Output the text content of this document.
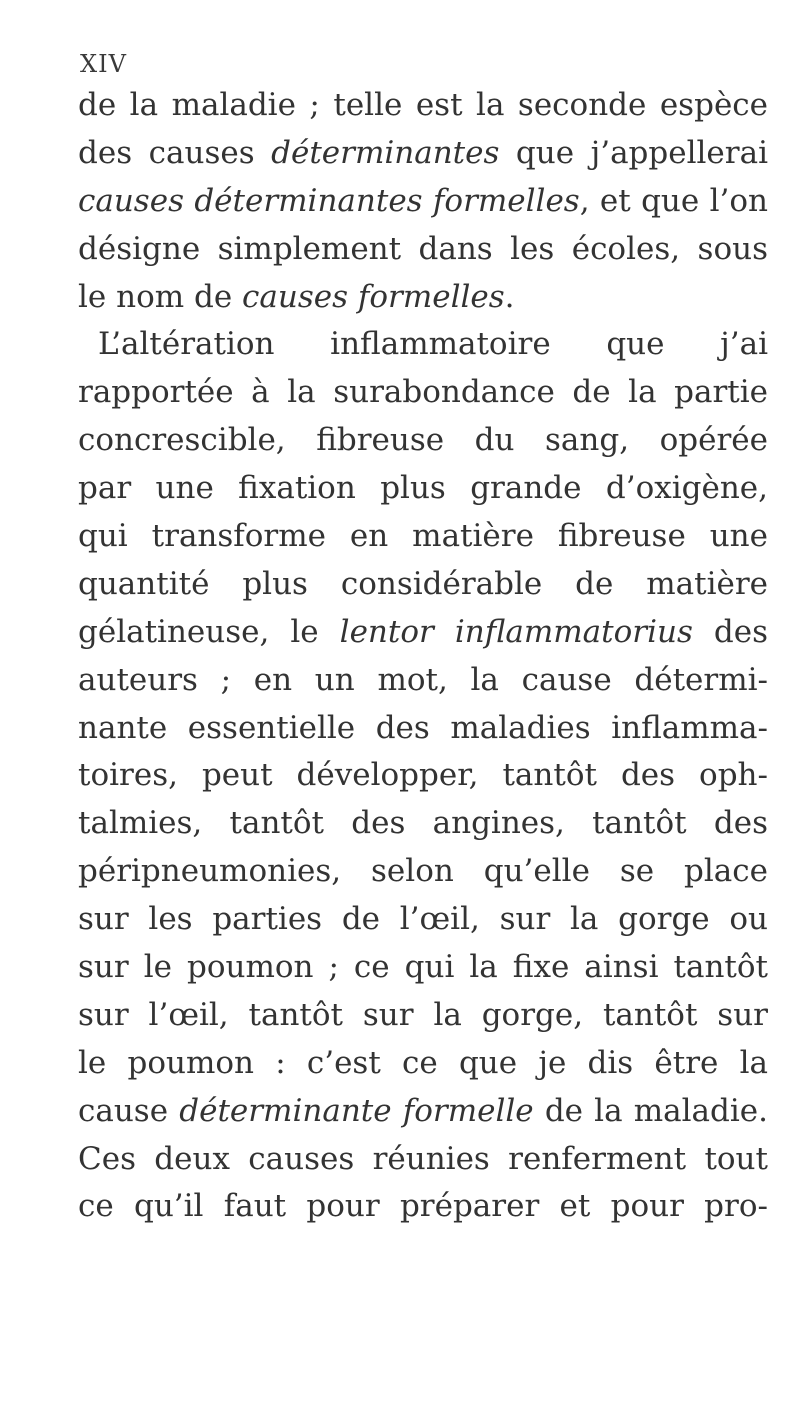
XIV
de la maladie ; telle est la seconde espèce
des causes déterminantes que j’appellerai
causes déterminantes formelles, et que l’on
désigne simplement dans les écoles, sous
le nom de causes formelles.
L’altération inflammatoire que j’ai
rapportée à la surabondance de la partie
concrescible, fibreuse du sang, opérée
par une fixation plus grande d’oxigène,
qui transforme en matière fibreuse une
quantité plus considérable de matière
gélatineuse, le lentor inflammatorius des
auteurs ; en un mot, la cause détermi-
nante essentielle des maladies inflamma-
toires, peut développer, tantôt des oph-
talmies, tantôt des angines, tantôt des
péripneumonies, selon qu’elle se place
sur les parties de l’œil, sur la gorge ou
sur le poumon ; ce qui la fixe ainsi tantôt
sur l’œil, tantôt sur la gorge, tantôt sur
le poumon : c’est ce que je dis être la
cause déterminante formelle de la maladie.
Ces deux causes réunies renferment tout
ce qu’il faut pour préparer et pour pro-
